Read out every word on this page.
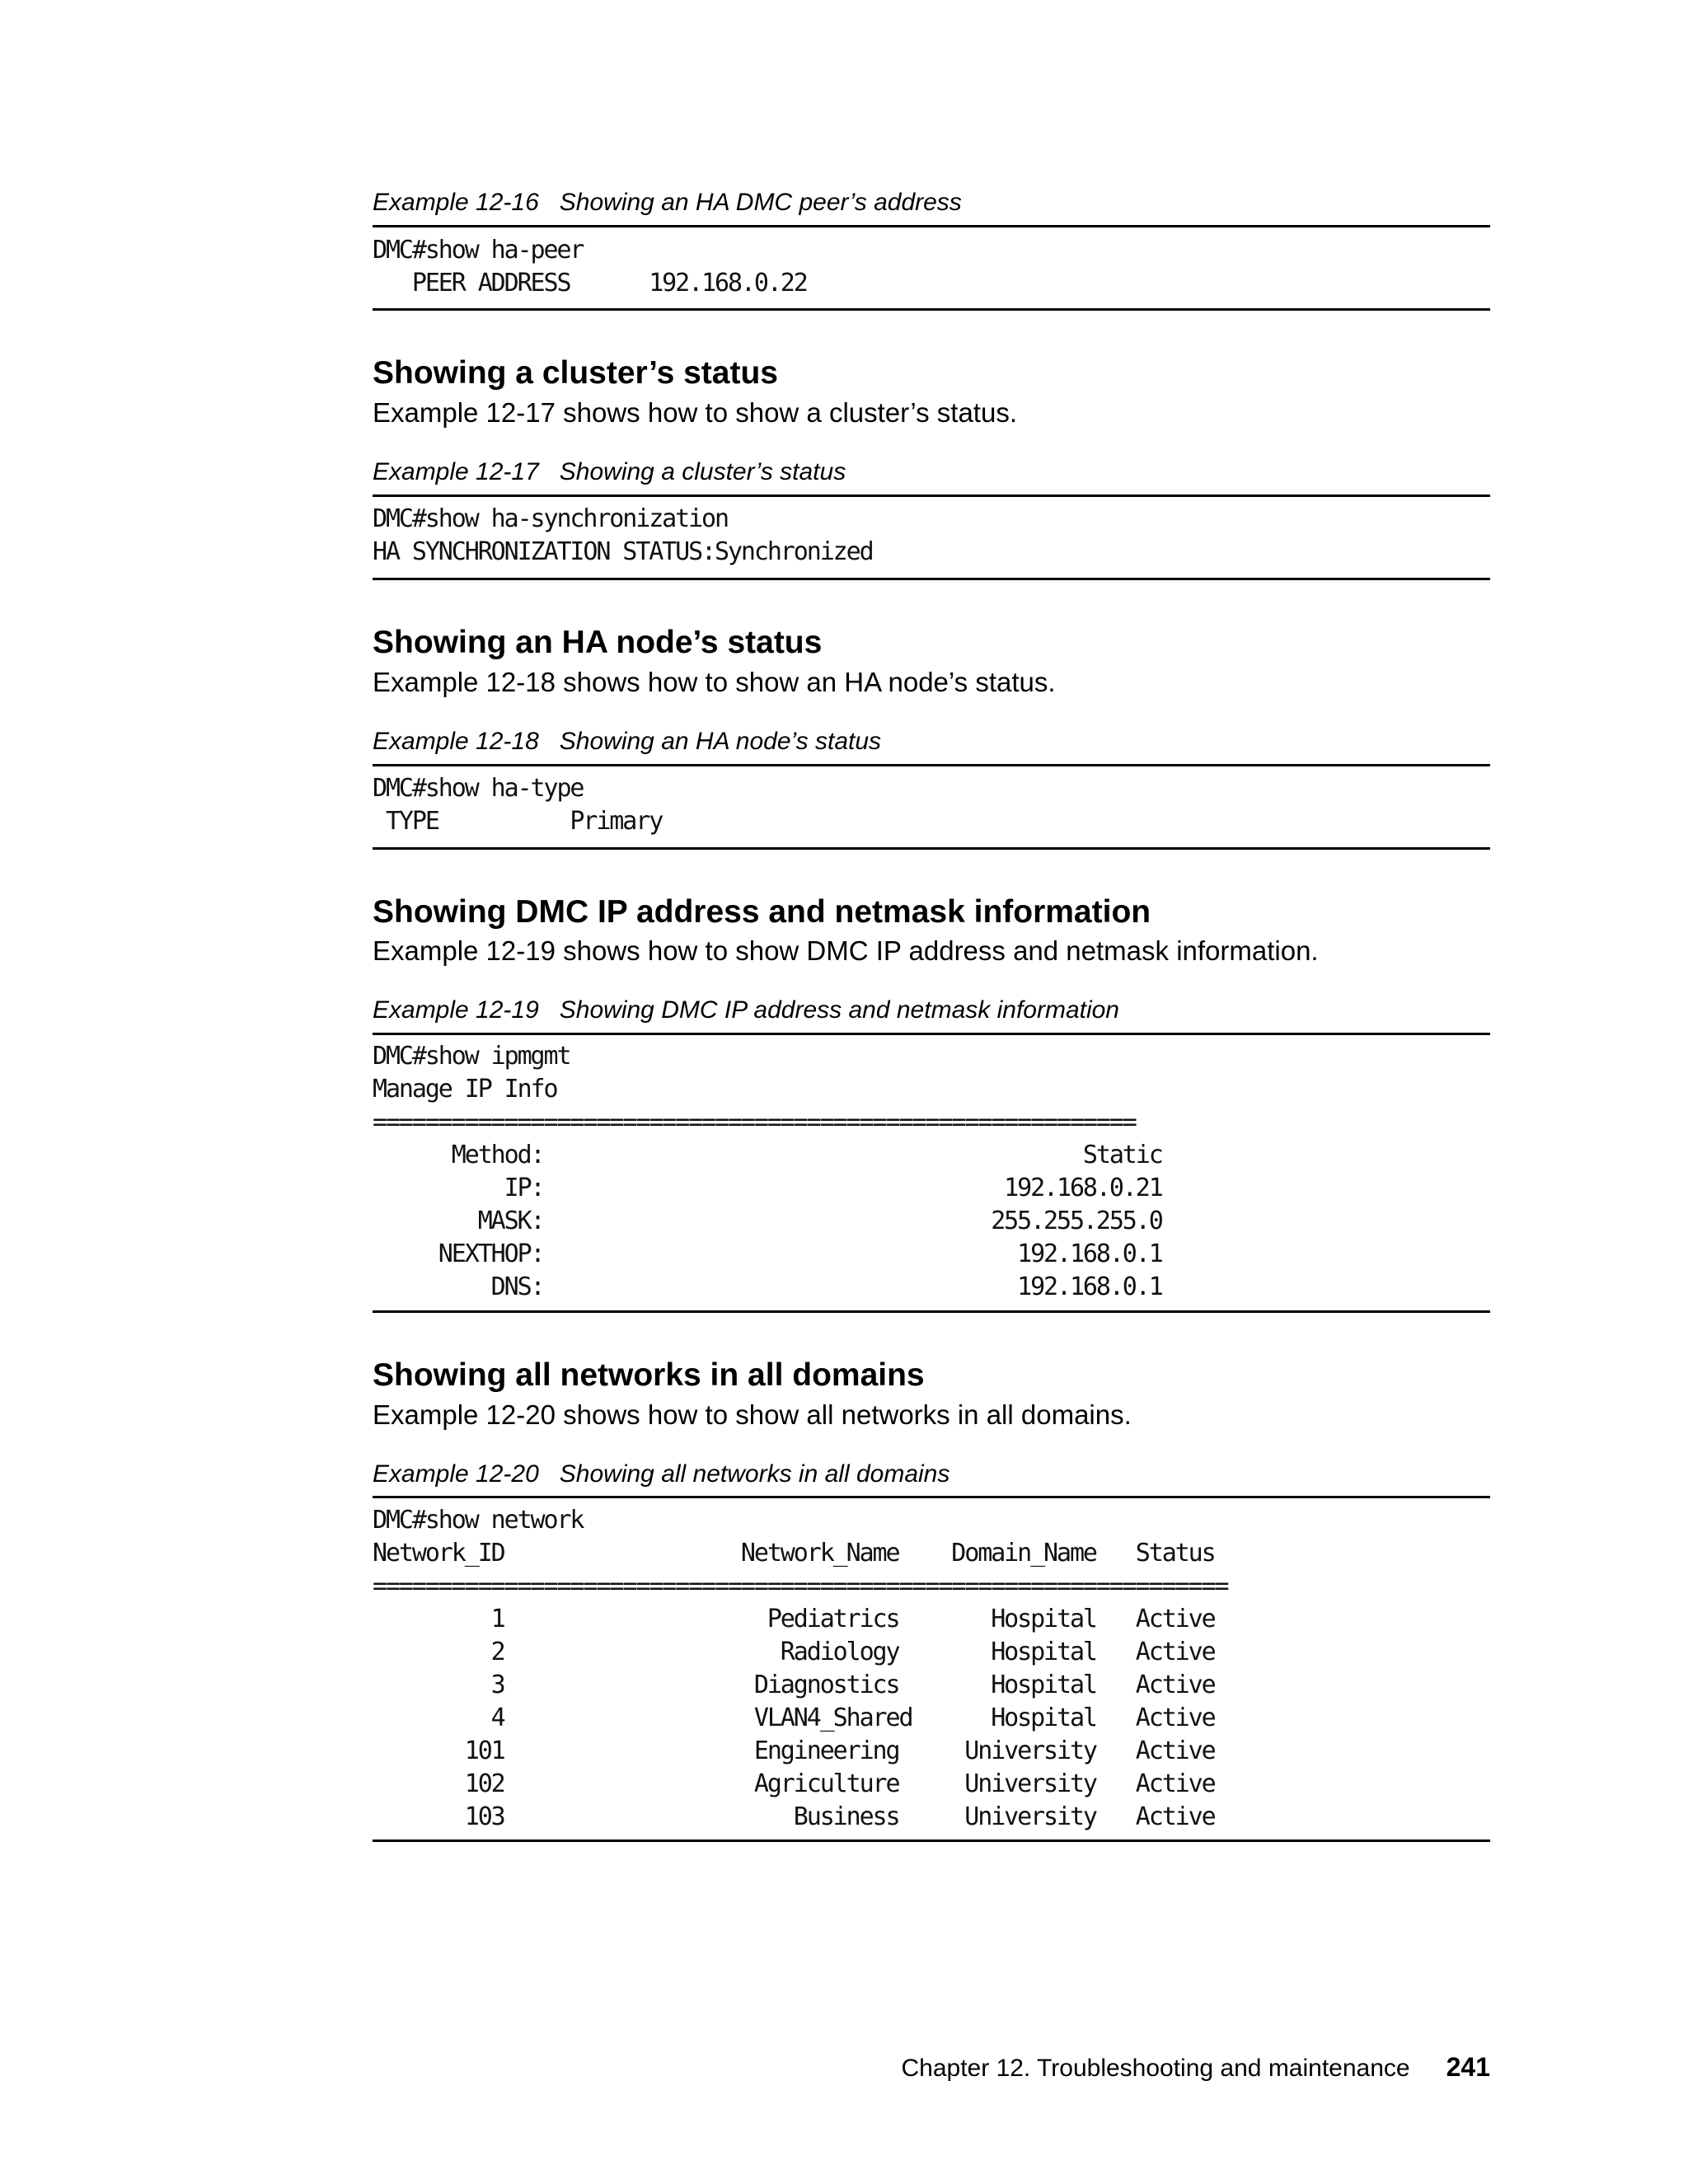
Example 12-16   Showing an HA DMC peer’s address
DMC#show ha-peer
PEER ADDRESS      192.168.0.22
Showing a cluster’s status
Example 12-17 shows how to show a cluster’s status.
Example 12-17   Showing a cluster’s status
DMC#show ha-synchronization
HA SYNCHRONIZATION STATUS:Synchronized
Showing an HA node’s status
Example 12-18 shows how to show an HA node’s status.
Example 12-18   Showing an HA node’s status
DMC#show ha-type
TYPE          Primary
Showing DMC IP address and netmask information
Example 12-19 shows how to show DMC IP address and netmask information.
Example 12-19   Showing DMC IP address and netmask information
DMC#show ipmgmt
Manage IP Info
==========================================================
Method:                                         Static
IP:                                   192.168.0.21
MASK:                                  255.255.255.0
NEXTHOP:                                    192.168.0.1
DNS:                                    192.168.0.1
Showing all networks in all domains
Example 12-20 shows how to show all networks in all domains.
Example 12-20   Showing all networks in all domains
DMC#show network
Network_ID                  Network_Name    Domain_Name   Status
=================================================================
1                    Pediatrics       Hospital   Active
2                     Radiology       Hospital   Active
3                   Diagnostics       Hospital   Active
4                   VLAN4_Shared      Hospital   Active
101                   Engineering     University   Active
102                   Agriculture     University   Active
103                      Business     University   Active
Chapter 12. Troubleshooting and maintenance 241
